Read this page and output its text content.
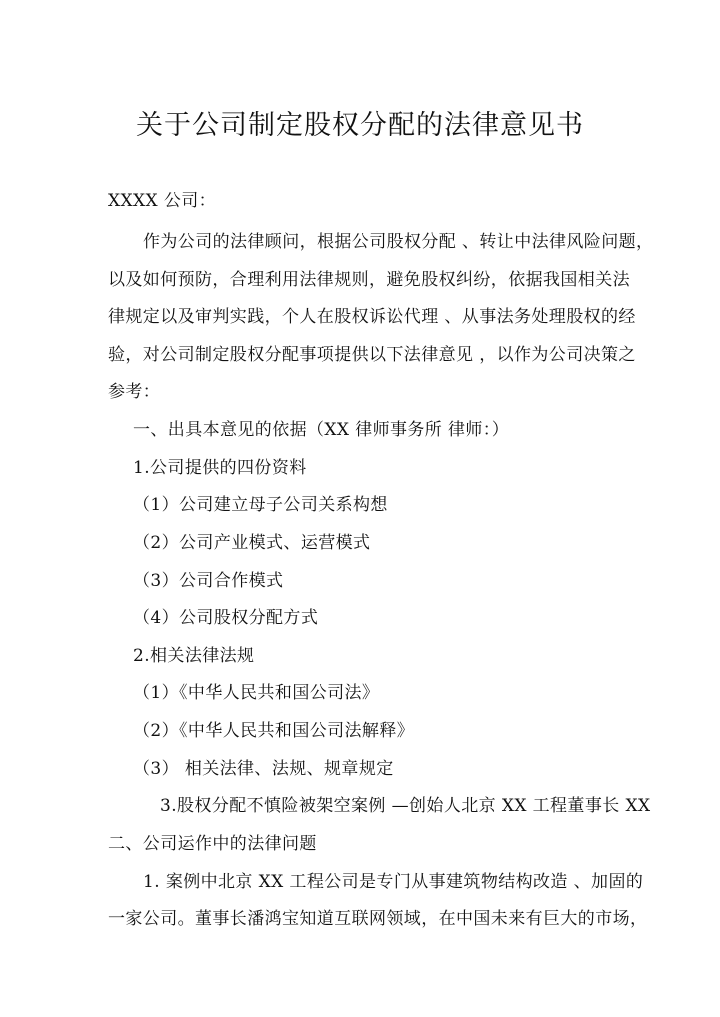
关于公司制定股权分配的法律意见书
XXXX 公司：
作为公司的法律顾问，根据公司股权分配 、转让中法律风险问题，
以及如何预防，合理利用法律规则，避免股权纠纷，依据我国相关法
律规定以及审判实践，个人在股权诉讼代理 、从事法务处理股权的经
验，对公司制定股权分配事项提供以下法律意见 ，以作为公司决策之
参考：
一、出具本意见的依据（XX 律师事务所 律师：）
1.公司提供的四份资料
（1）公司建立母子公司关系构想
（2）公司产业模式、运营模式
（3）公司合作模式
（4）公司股权分配方式
2.相关法律法规
（1）《中华人民共和国公司法》
（2）《中华人民共和国公司法解释》
（3） 相关法律、法规、规章规定
3.股权分配不慎险被架空案例 —创始人北京 XX 工程董事长 XX
二、公司运作中的法律问题
1. 案例中北京 XX 工程公司是专门从事建筑物结构改造 、加固的
一家公司。董事长潘鸿宝知道互联网领域，在中国未来有巨大的市场，
